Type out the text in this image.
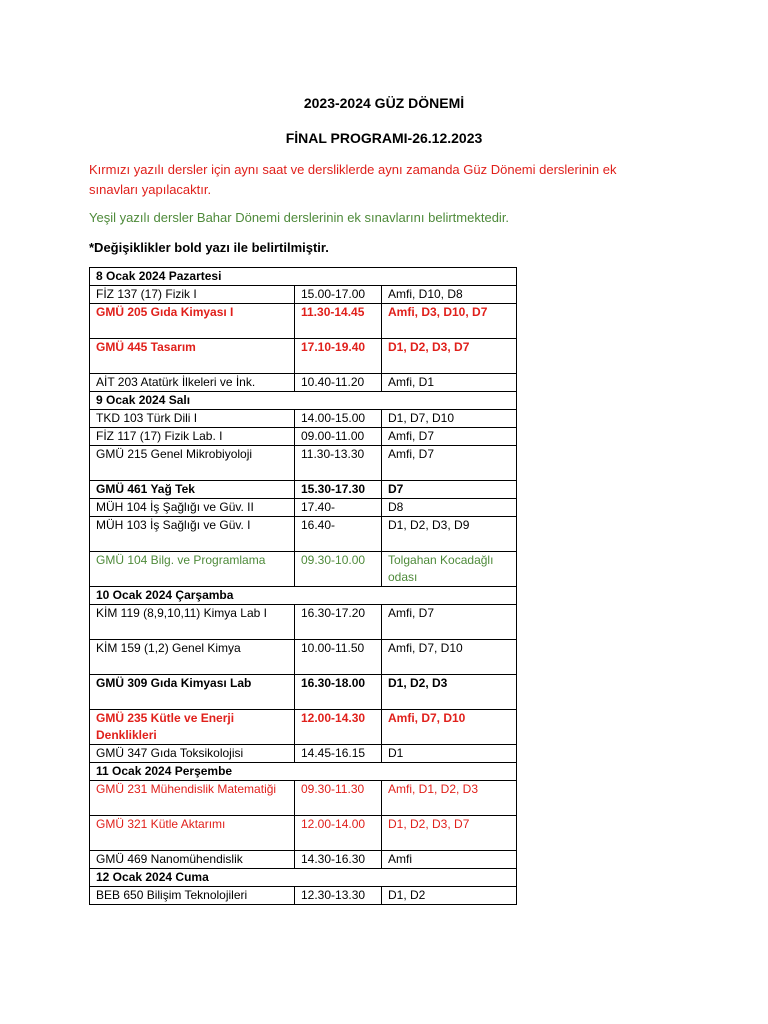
2023-2024 GÜZ DÖNEMİ
FİNAL PROGRAMI-26.12.2023
Kırmızı yazılı dersler için aynı saat ve dersliklerde aynı zamanda Güz Dönemi derslerinin ek sınavları yapılacaktır.
Yeşil yazılı dersler Bahar Dönemi derslerinin ek sınavlarını belirtmektedir.
*Değişiklikler bold yazı ile belirtilmiştir.
8 Ocak 2024 Pazartesi		
FİZ 137 (17) Fizik I	15.00-17.00	Amfi, D10, D8
GMÜ 205 Gıda Kimyası I	11.30-14.45	Amfi, D3, D10, D7
GMÜ 445 Tasarım	17.10-19.40	D1, D2, D3, D7
AİT 203 Atatürk İlkeleri ve İnk.	10.40-11.20	Amfi, D1
9 Ocak 2024 Salı		
TKD 103 Türk Dili I	14.00-15.00	D1, D7, D10
FİZ 117 (17) Fizik Lab. I	09.00-11.00	Amfi, D7
GMÜ 215 Genel Mikrobiyoloji	11.30-13.30	Amfi, D7
GMÜ 461 Yağ Tek	15.30-17.30	D7
MÜH 104 İş Şağlığı ve Güv. II	17.40-	D8
MÜH 103 İş Sağlığı ve Güv. I	16.40-	D1, D2, D3, D9
GMÜ 104 Bilg. ve Programlama	09.30-10.00	Tolgahan Kocadağlı odası
10 Ocak 2024 Çarşamba		
KİM 119 (8,9,10,11) Kimya Lab I	16.30-17.20	Amfi, D7
KİM 159 (1,2) Genel Kimya	10.00-11.50	Amfi, D7, D10
GMÜ 309 Gıda Kimyası Lab	16.30-18.00	D1, D2, D3
GMÜ 235 Kütle ve Enerji Denklikleri	12.00-14.30	Amfi, D7, D10
GMÜ 347 Gıda Toksikolojisi	14.45-16.15	D1
11 Ocak 2024 Perşembe		
GMÜ 231 Mühendislik Matematiği	09.30-11.30	Amfi, D1, D2, D3
GMÜ 321 Kütle Aktarımı	12.00-14.00	D1, D2, D3, D7
GMÜ 469 Nanomühendislik	14.30-16.30	Amfi
12 Ocak 2024 Cuma		
BEB 650 Bilişim Teknolojileri	12.30-13.30	D1, D2
